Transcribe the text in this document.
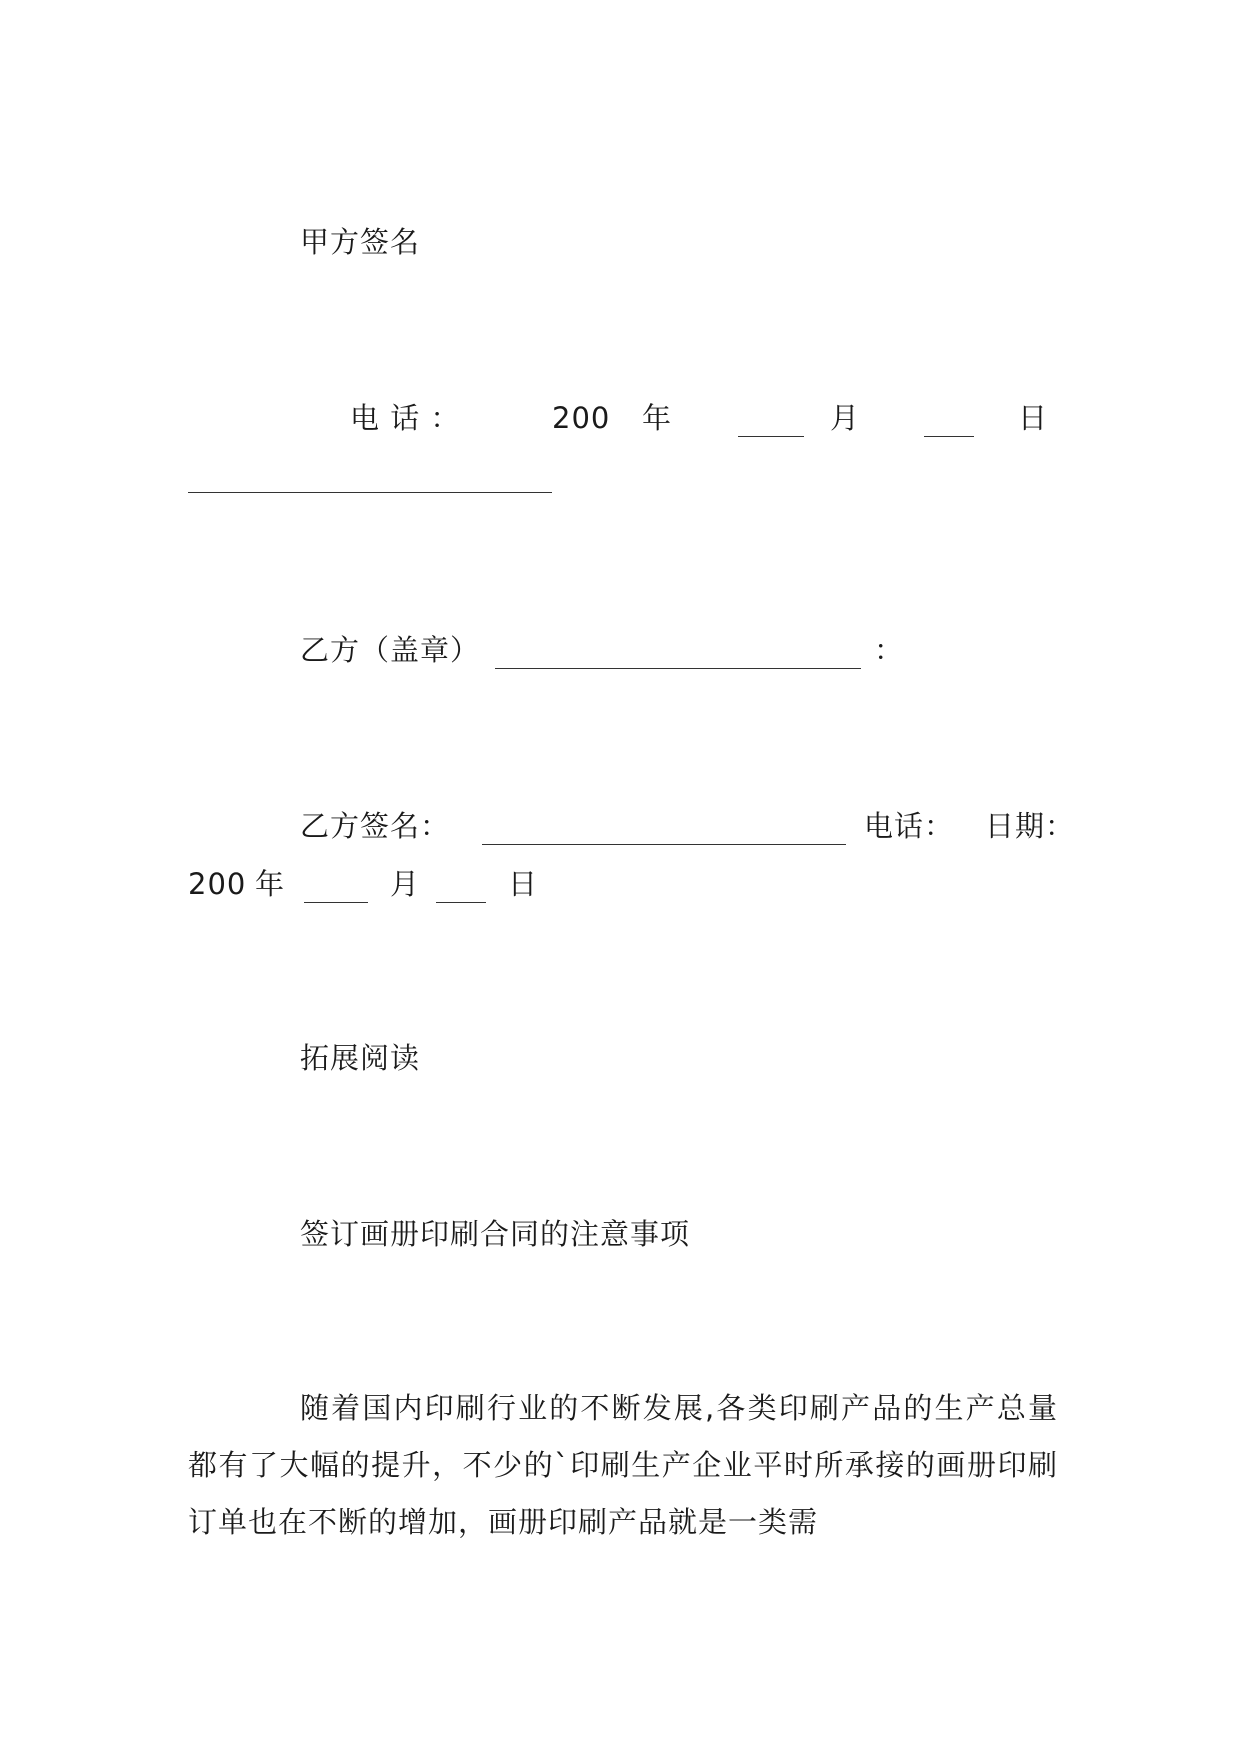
甲方签名
电 话 ：	200 年	月	日
乙方（盖章）	：
乙方签名：	电话： 日期：
200 年	月	日
拓展阅读
签订画册印刷合同的注意事项
随着国内印刷行业的不断发展,各类印刷产品的生产总量都有了大幅的提升，不少的`印刷生产企业平时所承接的画册印刷订单也在不断的增加，画册印刷产品就是一类需
